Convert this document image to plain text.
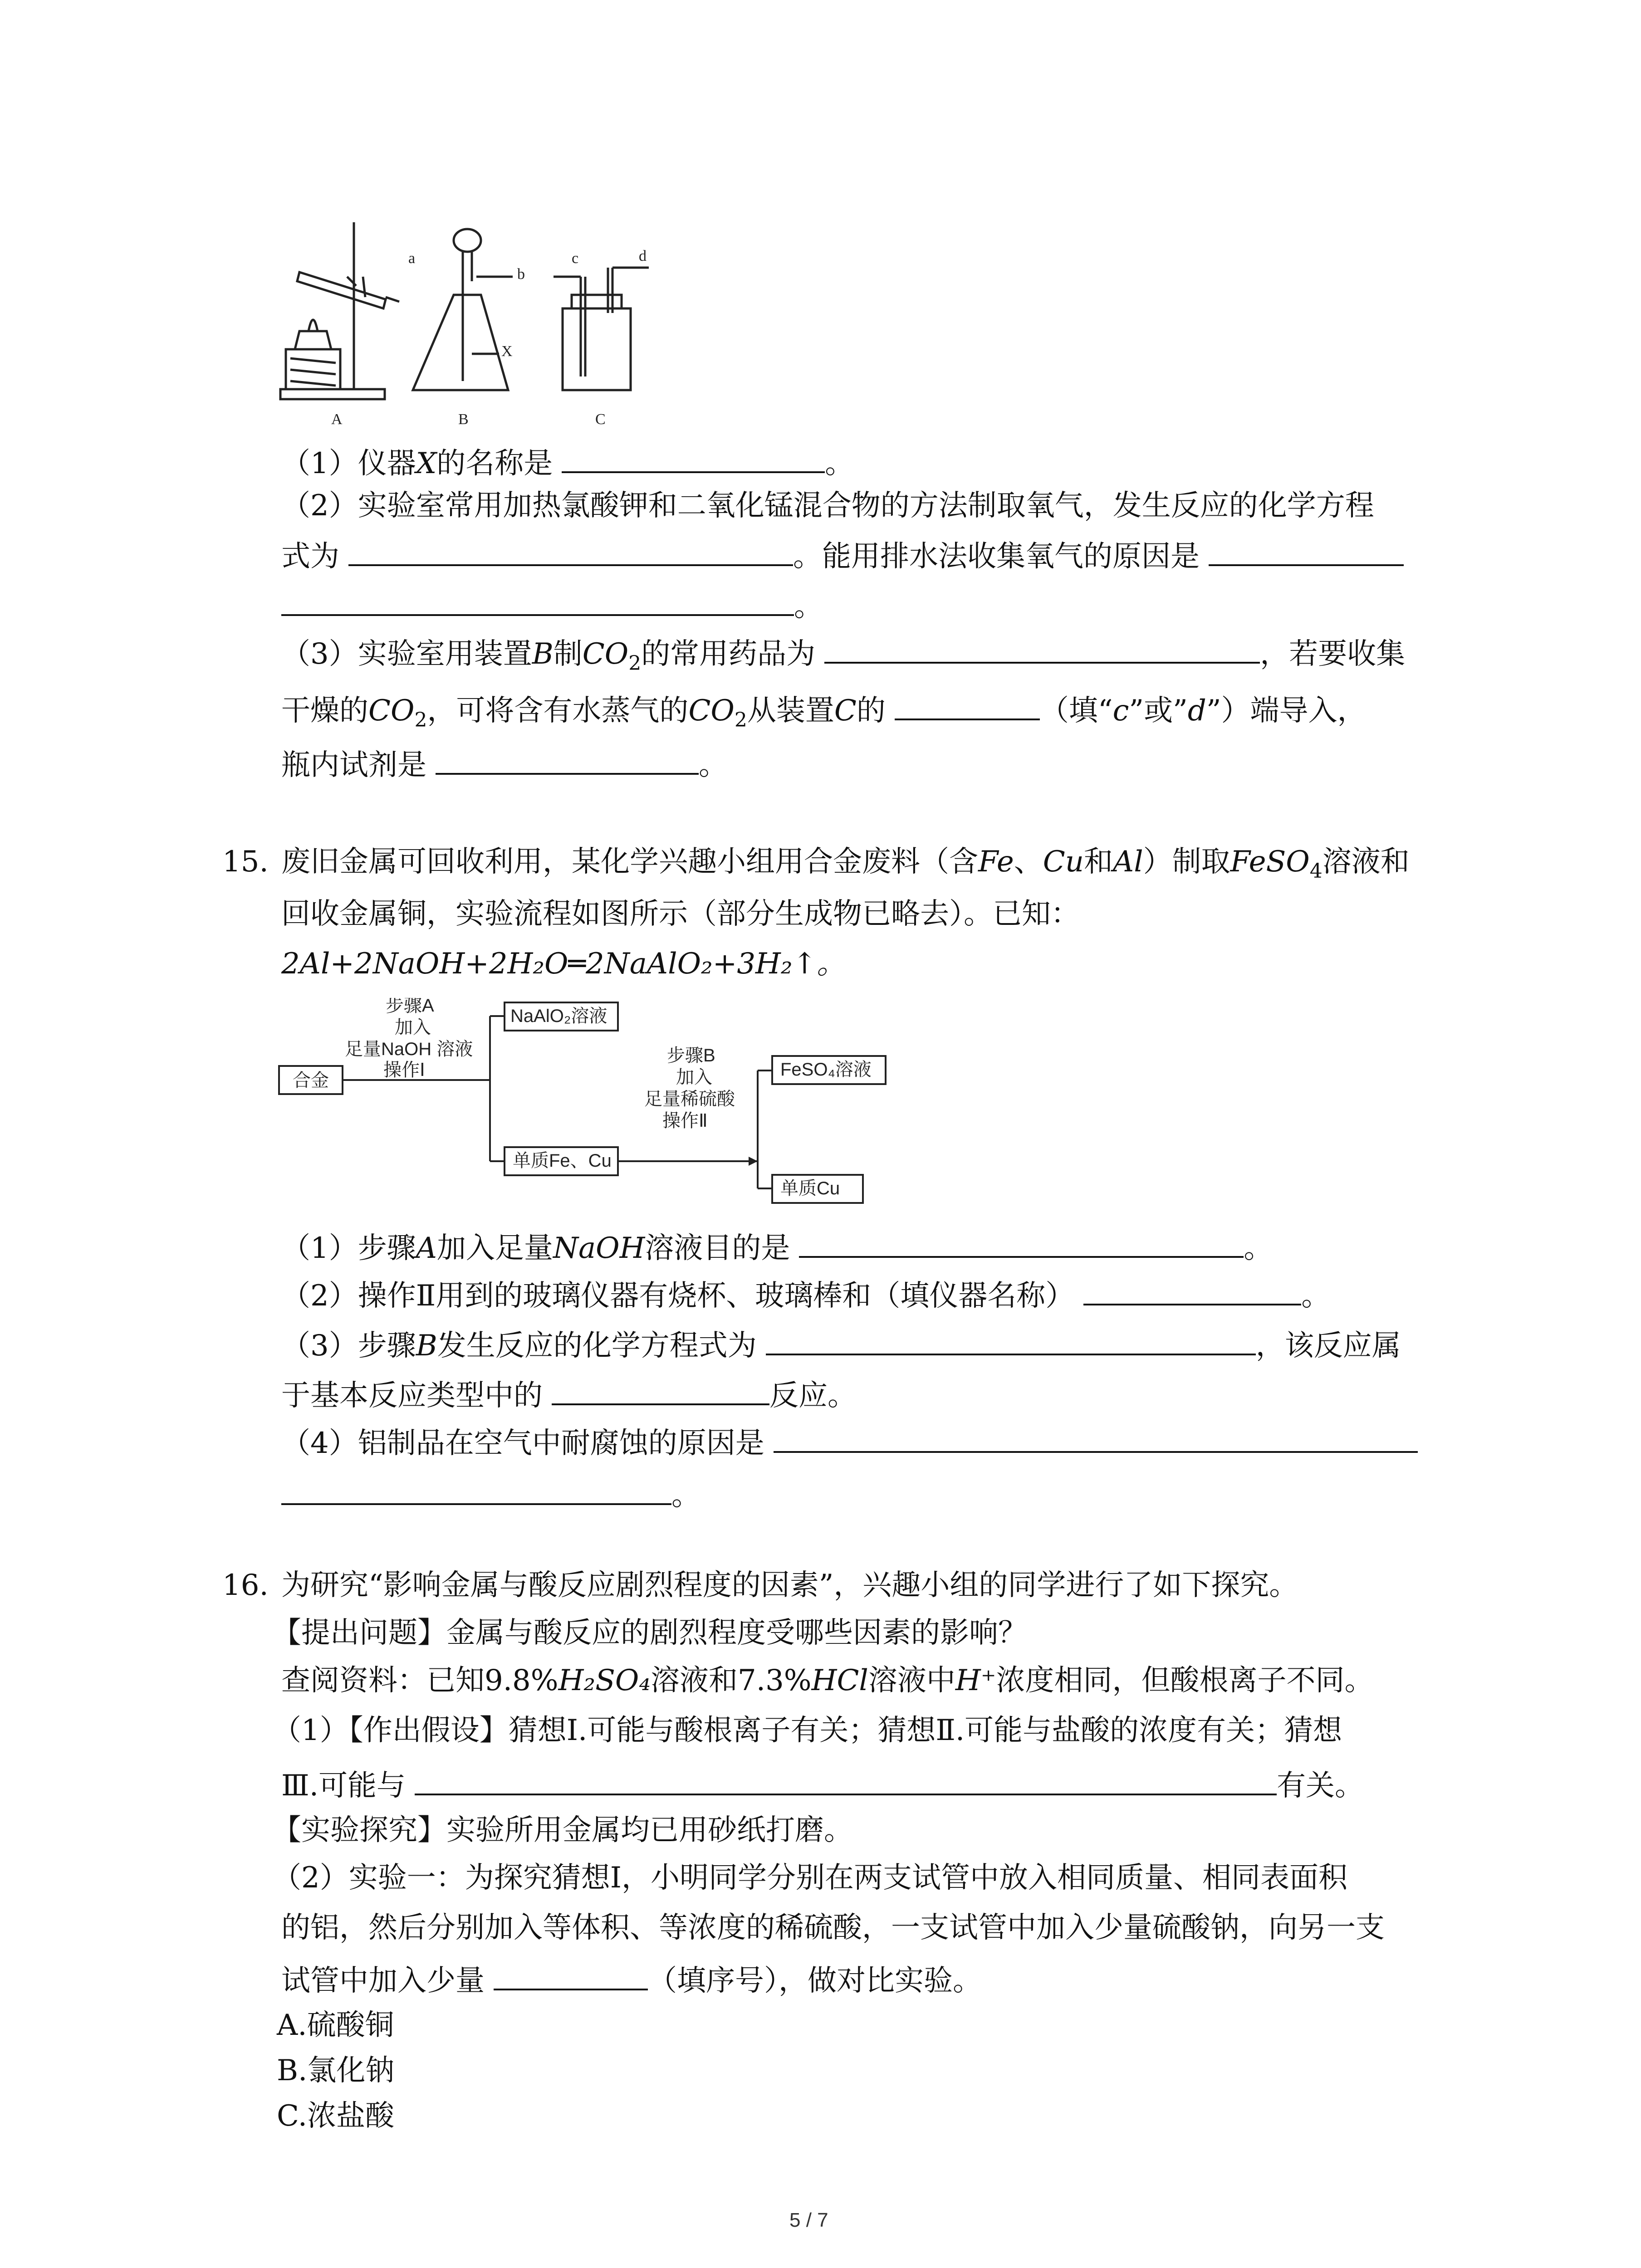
a
b
X
c	d
A	B	C
（1）仪器X的名称是	。
（2）实验室常用加热氯酸钾和二氧化锰混合物的方法制取氧气，发生反应的化学方程
式为	。能用排水法收集氧气的原因是
。
（3）实验室用装置B制$CO_2$的常用药品为	，若要收集
干燥的$CO_2$，可将含有水蒸气的$CO_2$从装置C的	（填“c”或”d”）端导入，
瓶内试剂是	。
15. 废旧金属可回收利用，某化学兴趣小组用合金废料（含Fe、Cu和Al）制取FeSO$_4$溶液和
回收金属铜，实验流程如图所示（部分生成物已略去）。已知：
2Al+2NaOH+2H₂O═2NaAlO₂+3H₂↑。
合金
步骤A
加入
足量NaOH 溶液
操作Ⅰ
NaAlO₂溶液
单质Fe、Cu
步骤B
加入
足量稀硫酸
操作Ⅱ
FeSO₄溶液
单质Cu
（1）步骤A加入足量NaOH溶液目的是	。
（2）操作Ⅱ用到的玻璃仪器有烧杯、玻璃棒和（填仪器名称）	。
（3）步骤B发生反应的化学方程式为	，该反应属
于基本反应类型中的	反应。
（4）铝制品在空气中耐腐蚀的原因是
。
16. 为研究“影响金属与酸反应剧烈程度的因素”，兴趣小组的同学进行了如下探究。
【提出问题】金属与酸反应的剧烈程度受哪些因素的影响？
查阅资料：已知9.8%H₂SO₄溶液和7.3%HCl溶液中H⁺浓度相同，但酸根离子不同。
（1）【作出假设】猜想Ⅰ.可能与酸根离子有关；猜想Ⅱ.可能与盐酸的浓度有关；猜想
Ⅲ.可能与	有关。
【实验探究】实验所用金属均已用砂纸打磨。
（2）实验一：为探究猜想Ⅰ，小明同学分别在两支试管中放入相同质量、相同表面积
的铝，然后分别加入等体积、等浓度的稀硫酸，一支试管中加入少量硫酸钠，向另一支
试管中加入少量	（填序号），做对比实验。
A.硫酸铜
B.氯化钠
C.浓盐酸
5 / 7
